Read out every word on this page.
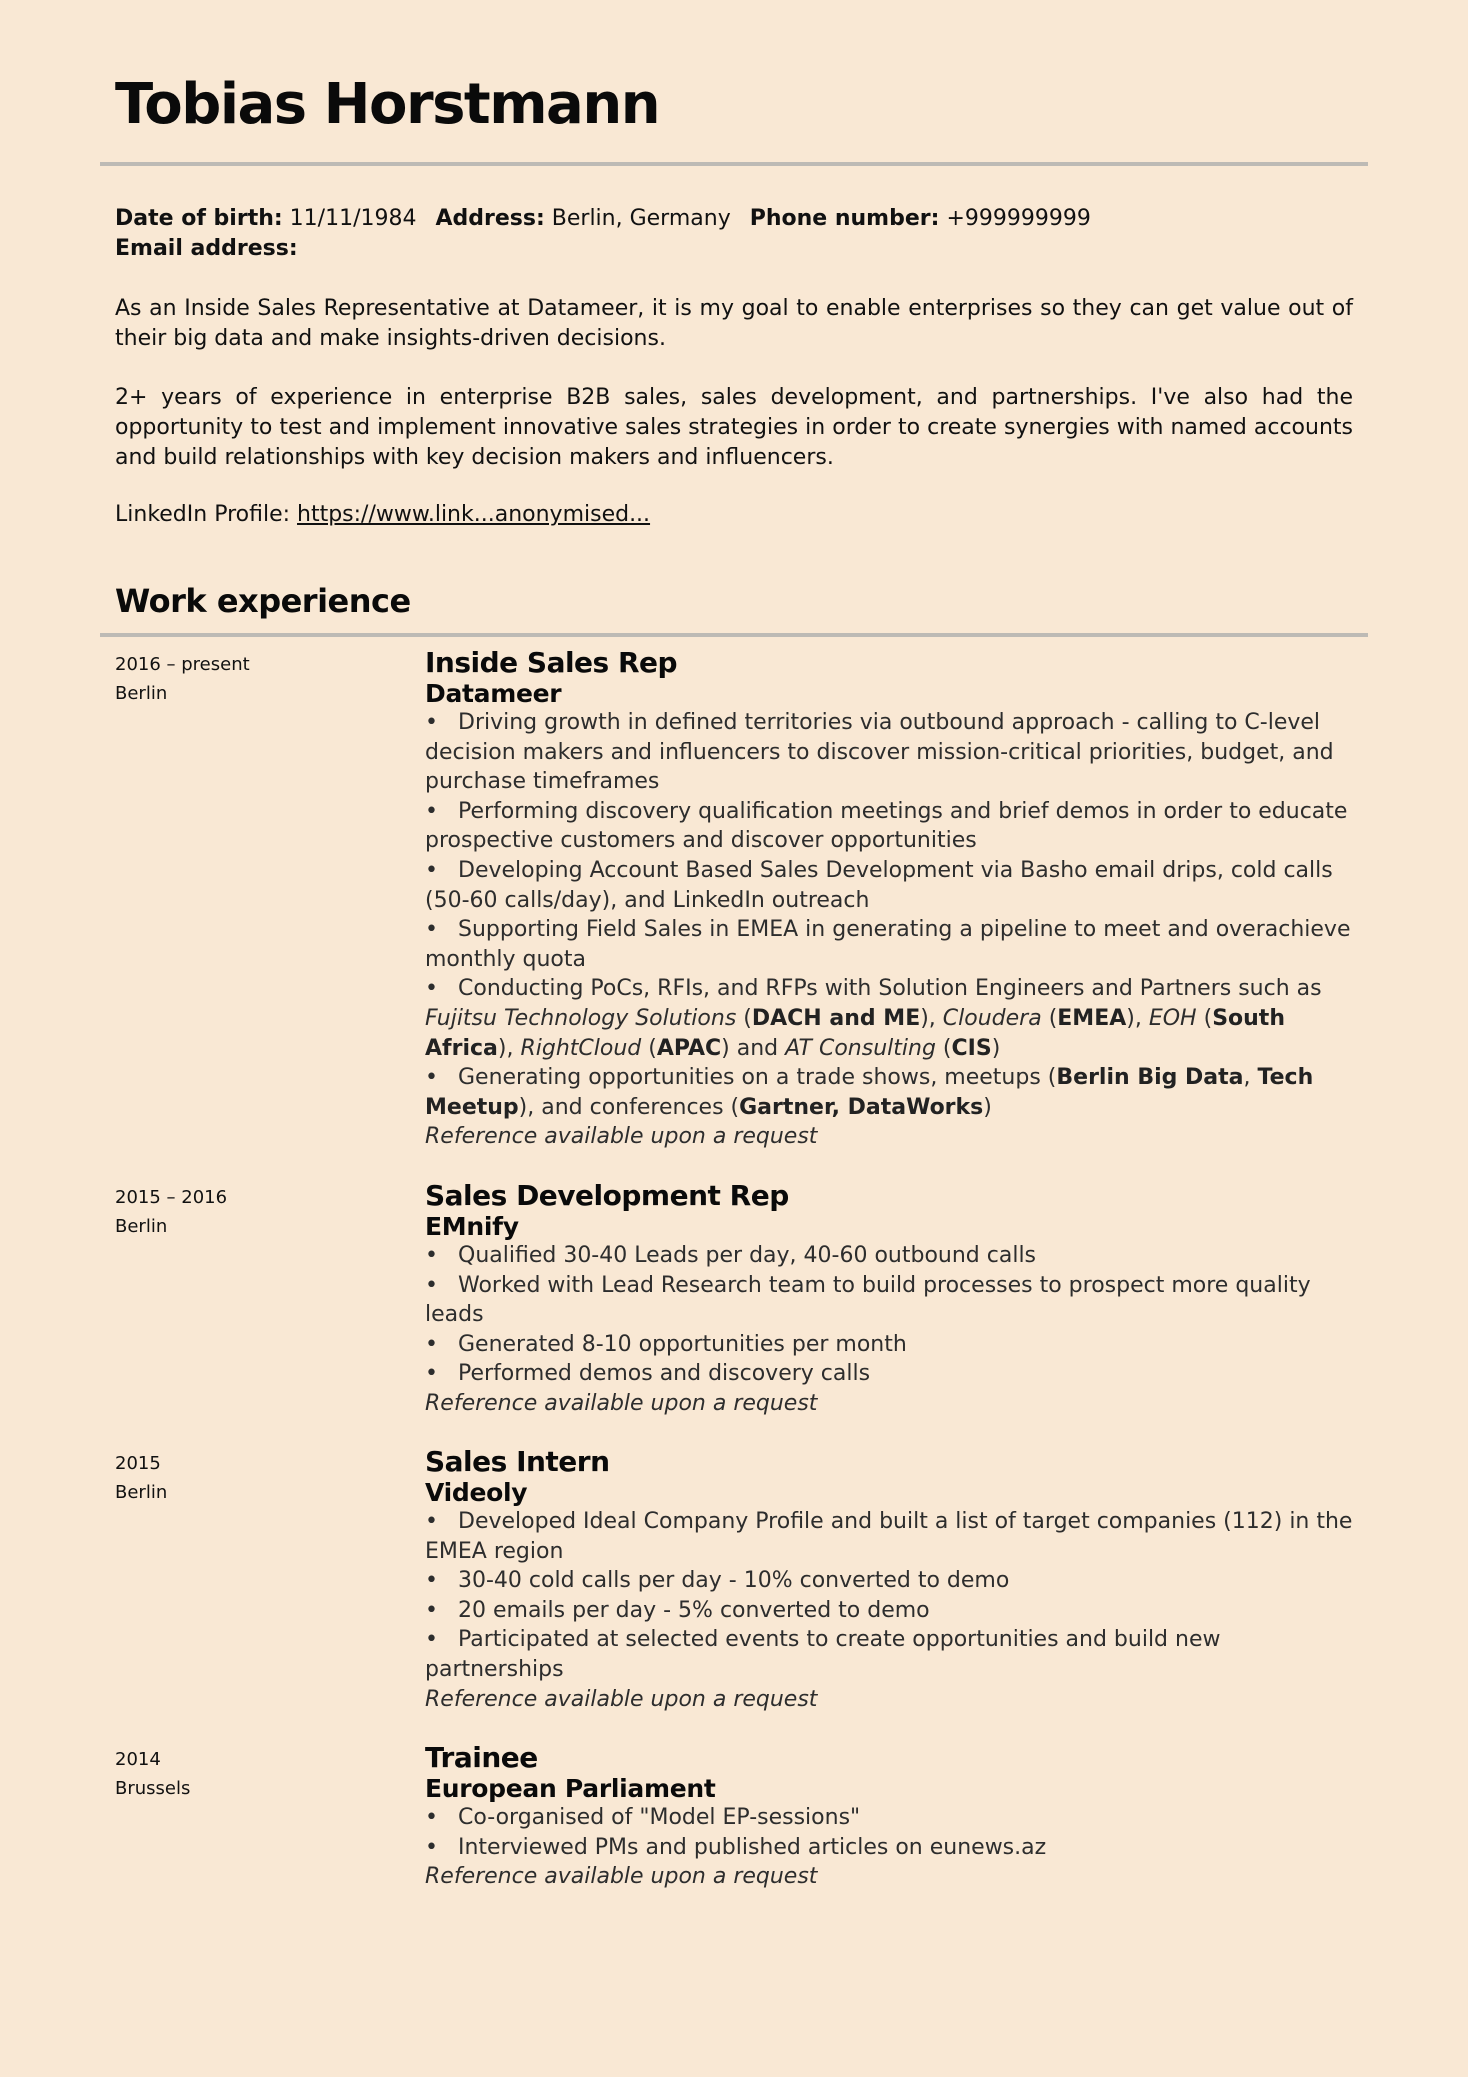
Tobias Horstmann
Date of birth: 11/11/1984 Address: Berlin, Germany Phone number: +999999999
Email address:

As an Inside Sales Representative at Datameer, it is my goal to enable enterprises so they can get value out of their big data and make insights-driven decisions.

2+ years of experience in enterprise B2B sales, sales development, and partnerships. I've also had the opportunity to test and implement innovative sales strategies in order to create synergies with named accounts and build relationships with key decision makers and influencers.

LinkedIn Profile: https://www.link...anonymised...

Work experience
2016 – present
Berlin
Inside Sales Rep
Datameer
• Driving growth in defined territories via outbound approach - calling to C-level decision makers and influencers to discover mission-critical priorities, budget, and purchase timeframes
• Performing discovery qualification meetings and brief demos in order to educate prospective customers and discover opportunities
• Developing Account Based Sales Development via Basho email drips, cold calls (50-60 calls/day), and LinkedIn outreach
• Supporting Field Sales in EMEA in generating a pipeline to meet and overachieve monthly quota
• Conducting PoCs, RFIs, and RFPs with Solution Engineers and Partners such as Fujitsu Technology Solutions (DACH and ME), Cloudera (EMEA), EOH (South Africa), RightCloud (APAC) and AT Consulting (CIS)
• Generating opportunities on a trade shows, meetups (Berlin Big Data, Tech Meetup), and conferences (Gartner, DataWorks)
Reference available upon a request
2015 – 2016
Berlin
Sales Development Rep
EMnify
• Qualified 30-40 Leads per day, 40-60 outbound calls
• Worked with Lead Research team to build processes to prospect more quality leads
• Generated 8-10 opportunities per month
• Performed demos and discovery calls
Reference available upon a request
2015
Berlin
Sales Intern
Videoly
• Developed Ideal Company Profile and built a list of target companies (112) in the EMEA region
• 30-40 cold calls per day - 10% converted to demo
• 20 emails per day - 5% converted to demo
• Participated at selected events to create opportunities and build new partnerships
Reference available upon a request
2014
Brussels
Trainee
European Parliament
• Co-organised of "Model EP-sessions"
• Interviewed PMs and published articles on eunews.az
Reference available upon a request
